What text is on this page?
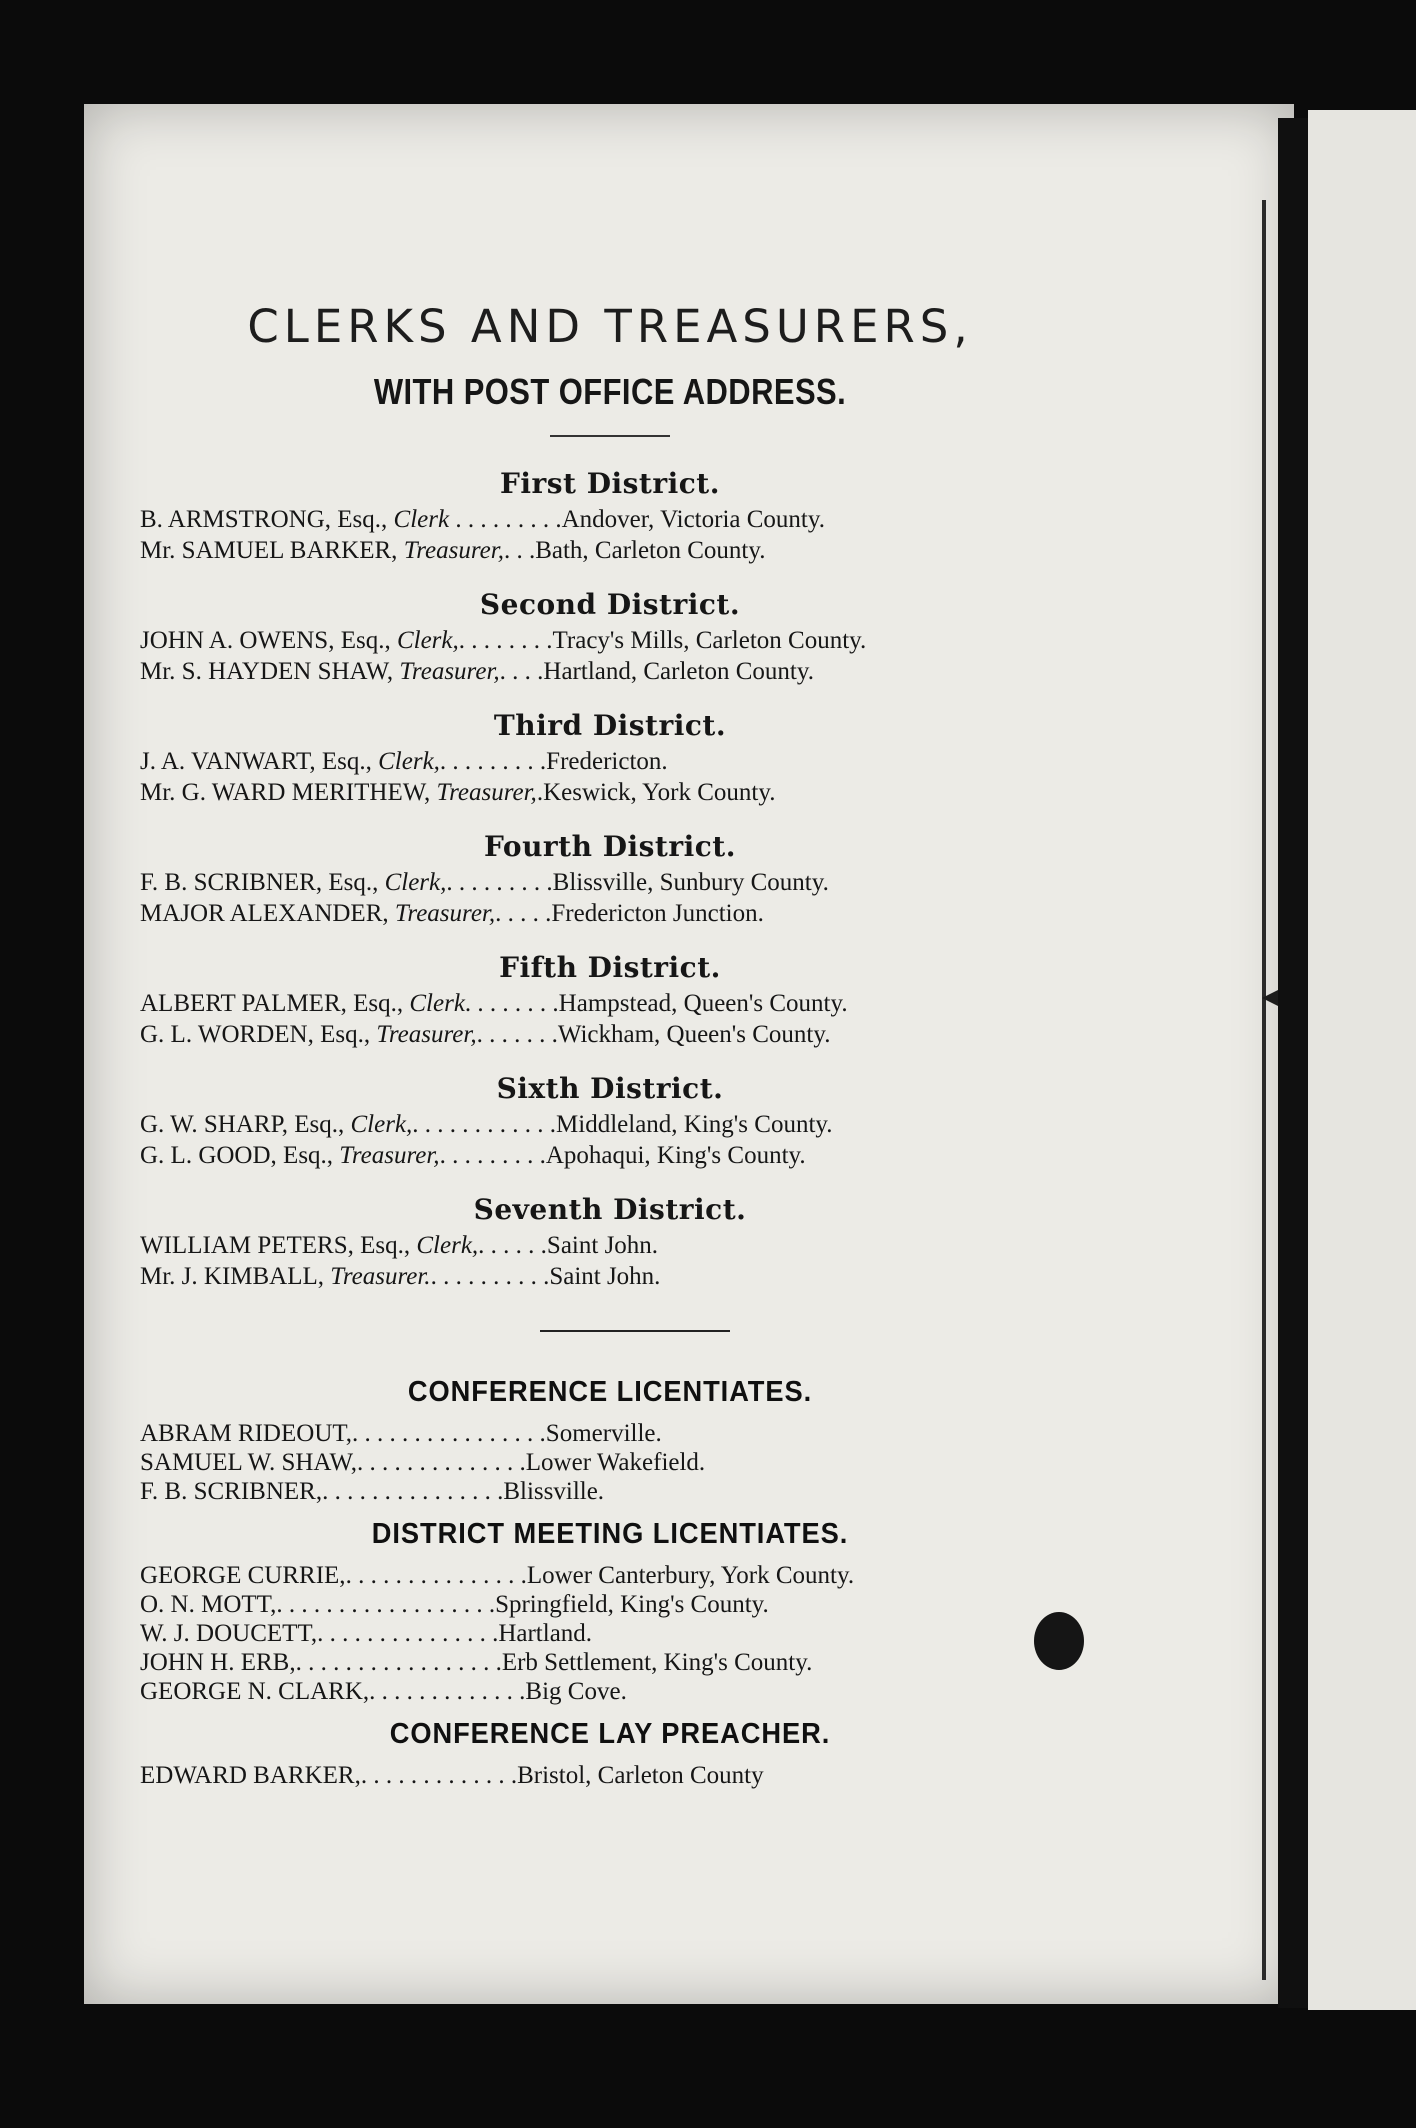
CLERKS AND TREASURERS,
WITH POST OFFICE ADDRESS.
First District.
B. ARMSTRONG, Esq., Clerk . . . . . . . . .Andover, Victoria County.
Mr. SAMUEL BARKER, Treasurer,. . .Bath, Carleton County.
Second District.
JOHN A. OWENS, Esq., Clerk,. . . . . . . .Tracy's Mills, Carleton County.
Mr. S. HAYDEN SHAW, Treasurer,. . . .Hartland, Carleton County.
Third District.
J. A. VANWART, Esq., Clerk,. . . . . . . . .Fredericton.
Mr. G. WARD MERITHEW, Treasurer,.Keswick, York County.
Fourth District.
F. B. SCRIBNER, Esq., Clerk,. . . . . . . . .Blissville, Sunbury County.
MAJOR ALEXANDER, Treasurer,. . . . .Fredericton Junction.
Fifth District.
ALBERT PALMER, Esq., Clerk. . . . . . . .Hampstead, Queen's County.
G. L. WORDEN, Esq., Treasurer,. . . . . . .Wickham, Queen's County.
Sixth District.
G. W. SHARP, Esq., Clerk,. . . . . . . . . . . .Middleland, King's County.
G. L. GOOD, Esq., Treasurer,. . . . . . . . .Apohaqui, King's County.
Seventh District.
WILLIAM PETERS, Esq., Clerk,. . . . . .Saint John.
Mr. J. KIMBALL, Treasurer.. . . . . . . . . .Saint John.
CONFERENCE LICENTIATES.
ABRAM RIDEOUT,. . . . . . . . . . . . . . . .Somerville.
SAMUEL W. SHAW,. . . . . . . . . . . . . .Lower Wakefield.
F. B. SCRIBNER,. . . . . . . . . . . . . . .Blissville.
DISTRICT MEETING LICENTIATES.
GEORGE CURRIE,. . . . . . . . . . . . . . .Lower Canterbury, York County.
O. N. MOTT,. . . . . . . . . . . . . . . . . .Springfield, King's County.
W. J. DOUCETT,. . . . . . . . . . . . . . .Hartland.
JOHN H. ERB,. . . . . . . . . . . . . . . . .Erb Settlement, King's County.
GEORGE N. CLARK,. . . . . . . . . . . . .Big Cove.
CONFERENCE LAY PREACHER.
EDWARD BARKER,. . . . . . . . . . . . .Bristol, Carleton County
